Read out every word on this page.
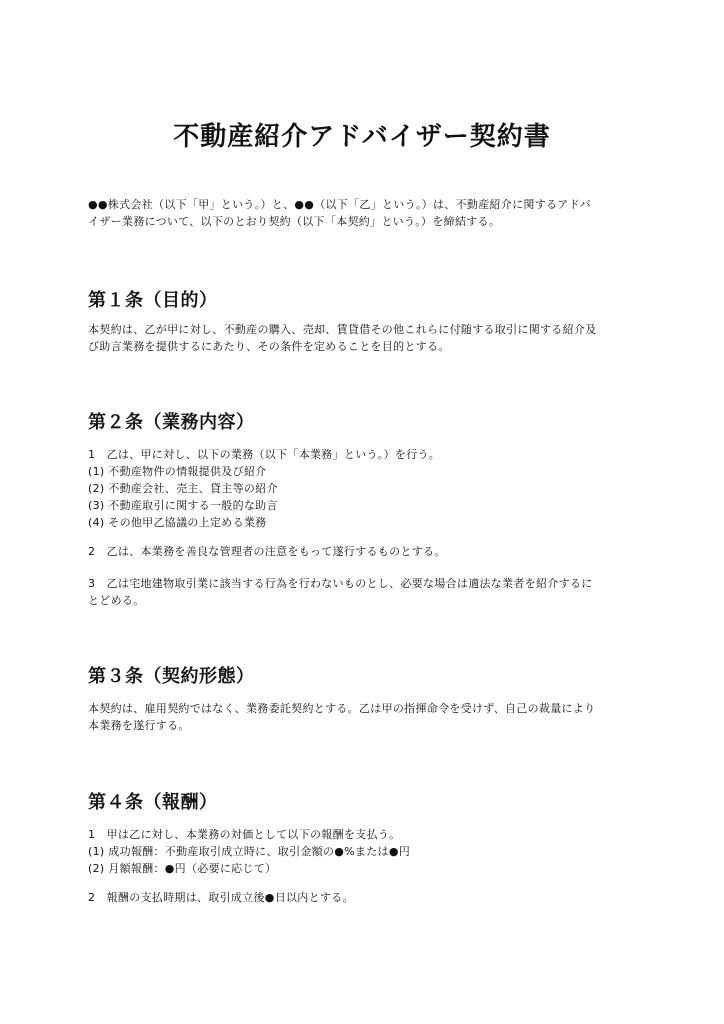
不動産紹介アドバイザー契約書

●●株式会社（以下「甲」という。）と、●●（以下「乙」という。）は、不動産紹介に関するアドバ
イザー業務について、以下のとおり契約（以下「本契約」という。）を締結する。

第１条（目的）

本契約は、乙が甲に対し、不動産の購入、売却、賃貸借その他これらに付随する取引に関する紹介及
び助言業務を提供するにあたり、その条件を定めることを目的とする。

第２条（業務内容）

1　乙は、甲に対し、以下の業務（以下「本業務」という。）を行う。
(1) 不動産物件の情報提供及び紹介
(2) 不動産会社、売主、貸主等の紹介
(3) 不動産取引に関する一般的な助言
(4) その他甲乙協議の上定める業務

2　乙は、本業務を善良な管理者の注意をもって遂行するものとする。

3　乙は宅地建物取引業に該当する行為を行わないものとし、必要な場合は適法な業者を紹介するに
とどめる。

第３条（契約形態）

本契約は、雇用契約ではなく、業務委託契約とする。乙は甲の指揮命令を受けず、自己の裁量により
本業務を遂行する。

第４条（報酬）

1　甲は乙に対し、本業務の対価として以下の報酬を支払う。
(1) 成功報酬：不動産取引成立時に、取引金額の●%または●円
(2) 月額報酬：●円（必要に応じて）

2　報酬の支払時期は、取引成立後●日以内とする。
